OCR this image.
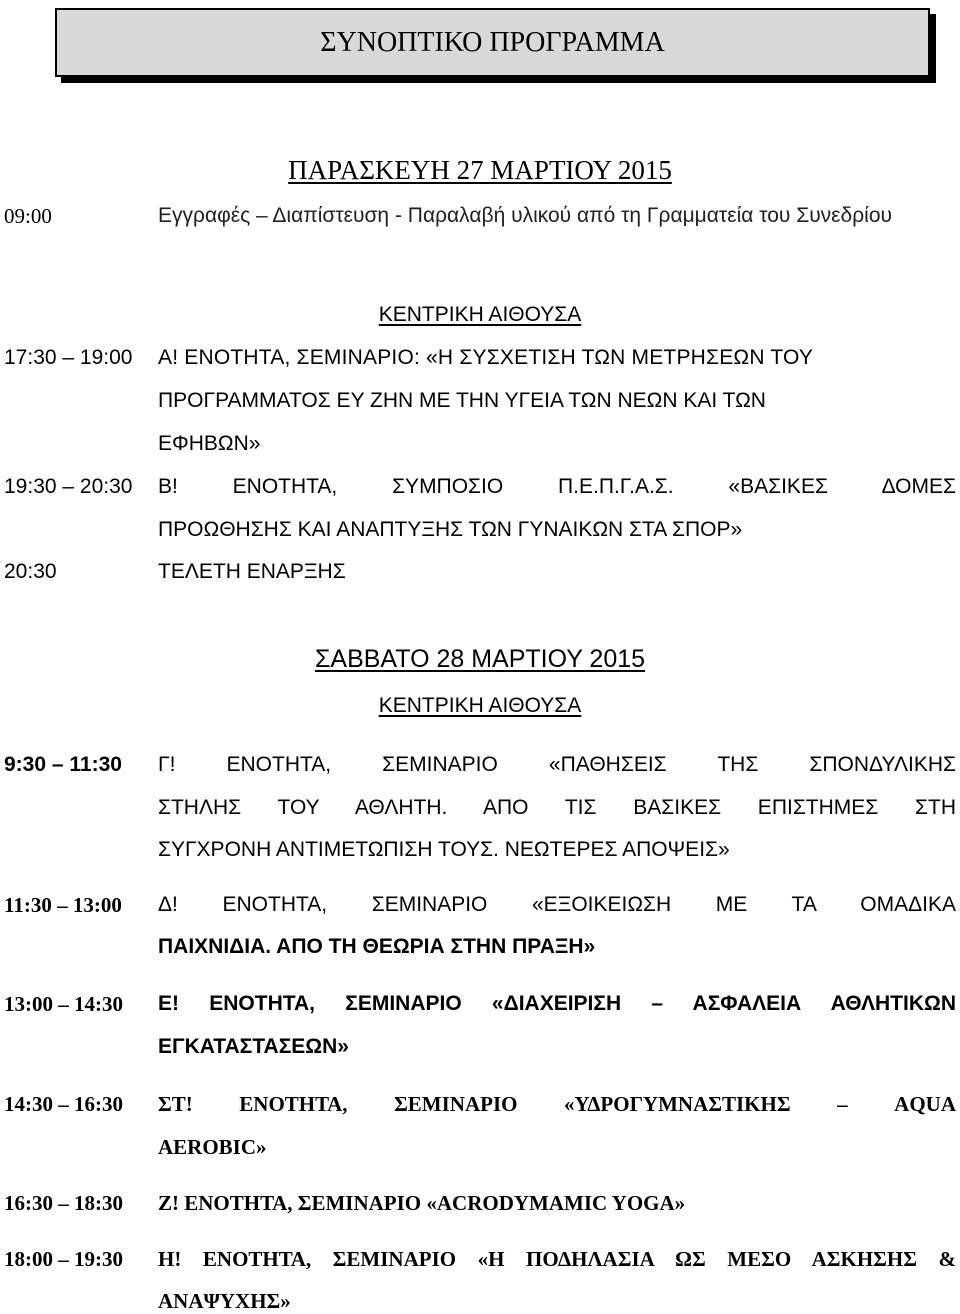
ΣΥΝΟΠΤΙΚΟ ΠΡΟΓΡΑΜΜΑ
ΠΑΡΑΣΚΕΥΗ 27 ΜΑΡΤΙΟΥ 2015
09:00	Εγγραφές – Διαπίστευση - Παραλαβή υλικού από τη Γραμματεία του Συνεδρίου
ΚΕΝΤΡΙΚΗ ΑΙΘΟΥΣΑ
17:30 – 19:00 Α! ΕΝΟΤΗΤΑ, ΣΕΜΙΝΑΡΙΟ: «Η ΣΥΣΧΕΤΙΣΗ ΤΩΝ ΜΕΤΡΗΣΕΩΝ ΤΟΥ
ΠΡΟΓΡΑΜΜΑΤΟΣ ΕΥ ΖΗΝ ΜΕ ΤΗΝ ΥΓΕΙΑ ΤΩΝ ΝΕΩΝ ΚΑΙ ΤΩΝ
ΕΦΗΒΩΝ»
19:30 – 20:30 Β! ΕΝΟΤΗΤΑ, ΣΥΜΠΟΣΙΟ Π.Ε.Π.Γ.Α.Σ. «ΒΑΣΙΚΕΣ ΔΟΜΕΣ
ΠΡΟΩΘΗΣΗΣ ΚΑΙ ΑΝΑΠΤΥΞΗΣ ΤΩΝ ΓΥΝΑΙΚΩΝ ΣΤΑ ΣΠΟΡ»
20:30	ΤΕΛΕΤΗ ΕΝΑΡΞΗΣ
ΣΑΒΒΑΤΟ 28 ΜΑΡΤΙΟΥ 2015
ΚΕΝΤΡΙΚΗ ΑΙΘΟΥΣΑ
9:30 – 11:30 Γ! ΕΝΟΤΗΤΑ, ΣΕΜΙΝΑΡΙΟ «ΠΑΘΗΣΕΙΣ ΤΗΣ ΣΠΟΝΔΥΛΙΚΗΣ
ΣΤΗΛΗΣ ΤΟΥ ΑΘΛΗΤΗ. ΑΠΟ ΤΙΣ ΒΑΣΙΚΕΣ ΕΠΙΣΤΗΜΕΣ ΣΤΗ
ΣΥΓΧΡΟΝΗ ΑΝΤΙΜΕΤΩΠΙΣΗ ΤΟΥΣ. ΝΕΩΤΕΡΕΣ ΑΠΟΨΕΙΣ»
11:30 – 13:00 Δ! ΕΝΟΤΗΤΑ, ΣΕΜΙΝΑΡΙΟ «ΕΞΟΙΚΕΙΩΣΗ ΜΕ ΤΑ ΟΜΑΔΙΚΑ
ΠΑΙΧΝΙΔΙΑ. ΑΠΟ ΤΗ ΘΕΩΡΙΑ ΣΤΗΝ ΠΡΑΞΗ»
13:00 – 14:30 Ε! ΕΝΟΤΗΤΑ, ΣΕΜΙΝΑΡΙΟ «ΔΙΑΧΕΙΡΙΣΗ – ΑΣΦΑΛΕΙΑ ΑΘΛΗΤΙΚΩΝ
ΕΓΚΑΤΑΣΤΑΣΕΩΝ»
14:30 – 16:30 ΣΤ! ΕΝΟΤΗΤΑ, ΣΕΜΙΝΑΡΙΟ «ΥΔΡΟΓΥΜΝΑΣΤΙΚΗΣ – AQUA
AEROBIC»
16:30 – 18:30 Ζ! ΕΝΟΤΗΤΑ, ΣΕΜΙΝΑΡΙΟ «ACRODYMAMIC YOGA»
18:00 – 19:30 Η! ΕΝΟΤΗΤΑ, ΣΕΜΙΝΑΡΙΟ «Η ΠΟΔΗΛΑΣΙΑ ΩΣ ΜΕΣΟ ΑΣΚΗΣΗΣ &
ΑΝΑΨΥΧΗΣ»
